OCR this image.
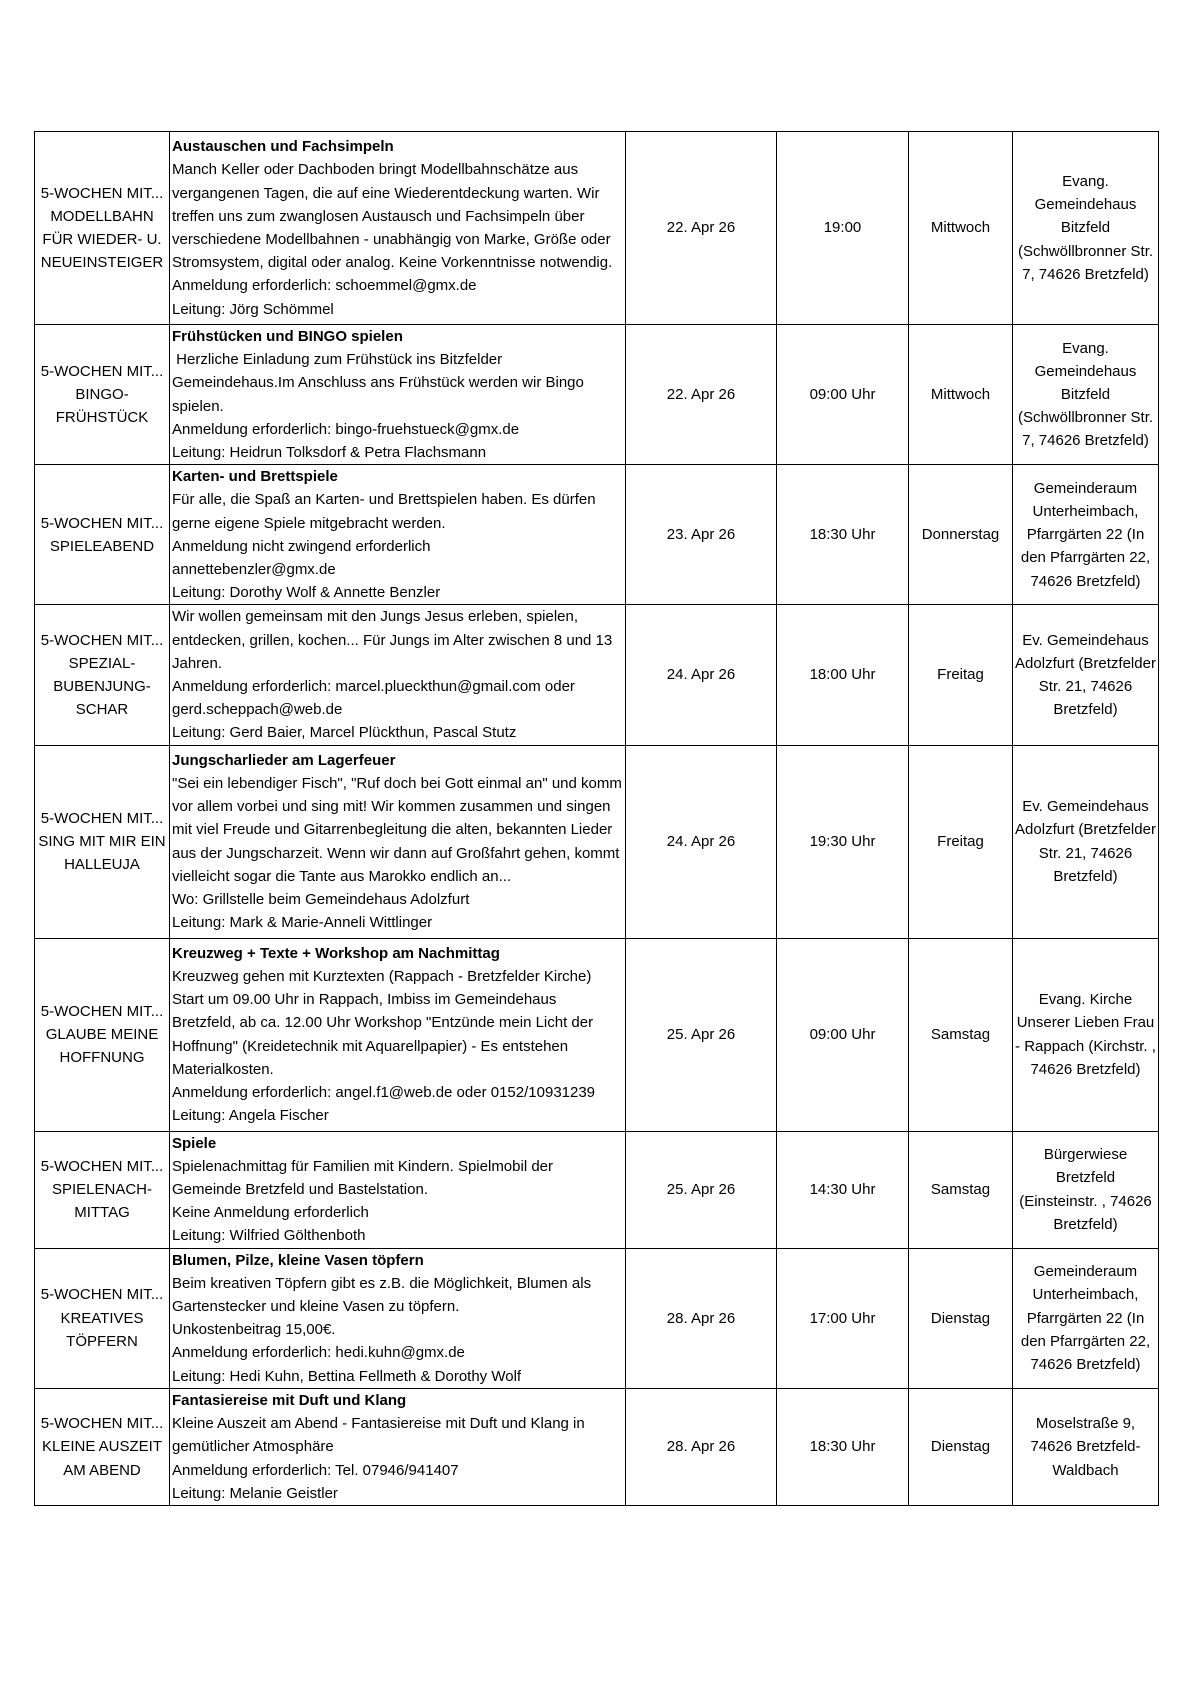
5-WOCHEN MIT... MODELLBAHN FÜR WIEDER- U. NEUEINSTEIGER	Austauschen und Fachsimpeln
Manch Keller oder Dachboden bringt Modellbahnschätze aus vergangenen Tagen, die auf eine Wiederentdeckung warten. Wir treffen uns zum zwanglosen Austausch und Fachsimpeln über verschiedene Modellbahnen - unabhängig von Marke, Größe oder Stromsystem, digital oder analog. Keine Vorkenntnisse notwendig.
Anmeldung erforderlich: schoemmel@gmx.de
Leitung: Jörg Schömmel	22. Apr 26	19:00	Mittwoch	Evang. Gemeindehaus Bitzfeld (Schwöllbronner Str. 7, 74626 Bretzfeld)
5-WOCHEN MIT... BINGO-FRÜHSTÜCK	Frühstücken und BINGO spielen
Herzliche Einladung zum Frühstück ins Bitzfelder Gemeindehaus.Im Anschluss ans Frühstück werden wir Bingo spielen.
Anmeldung erforderlich: bingo-fruehstueck@gmx.de
Leitung: Heidrun Tolksdorf & Petra Flachsmann	22. Apr 26	09:00 Uhr	Mittwoch	Evang. Gemeindehaus Bitzfeld (Schwöllbronner Str. 7, 74626 Bretzfeld)
5-WOCHEN MIT... SPIELEABEND	Karten- und Brettspiele
Für alle, die Spaß an Karten- und Brettspielen haben. Es dürfen gerne eigene Spiele mitgebracht werden.
Anmeldung nicht zwingend erforderlich
annettebenzler@gmx.de
Leitung: Dorothy Wolf & Annette Benzler	23. Apr 26	18:30 Uhr	Donnerstag	Gemeinderaum Unterheimbach, Pfarrgärten 22 (In den Pfarrgärten 22, 74626 Bretzfeld)
5-WOCHEN MIT... SPEZIAL-BUBENJUNG-SCHAR	Wir wollen gemeinsam mit den Jungs Jesus erleben, spielen, entdecken, grillen, kochen... Für Jungs im Alter zwischen 8 und 13 Jahren.
Anmeldung erforderlich: marcel.plueckthun@gmail.com oder gerd.scheppach@web.de
Leitung: Gerd Baier, Marcel Plückthun, Pascal Stutz	24. Apr 26	18:00 Uhr	Freitag	Ev. Gemeindehaus Adolzfurt (Bretzfelder Str. 21, 74626 Bretzfeld)
5-WOCHEN MIT... SING MIT MIR EIN HALLEUJA	Jungscharlieder am Lagerfeuer
"Sei ein lebendiger Fisch", "Ruf doch bei Gott einmal an" und komm vor allem vorbei und sing mit! Wir kommen zusammen und singen mit viel Freude und Gitarrenbegleitung die alten, bekannten Lieder aus der Jungscharzeit. Wenn wir dann auf Großfahrt gehen, kommt vielleicht sogar die Tante aus Marokko endlich an...
Wo: Grillstelle beim Gemeindehaus Adolzfurt
Leitung: Mark & Marie-Anneli Wittlinger	24. Apr 26	19:30 Uhr	Freitag	Ev. Gemeindehaus Adolzfurt (Bretzfelder Str. 21, 74626 Bretzfeld)
5-WOCHEN MIT... GLAUBE MEINE HOFFNUNG	Kreuzweg + Texte + Workshop am Nachmittag
Kreuzweg gehen mit Kurztexten (Rappach - Bretzfelder Kirche) Start um 09.00 Uhr in Rappach, Imbiss im Gemeindehaus Bretzfeld, ab ca. 12.00 Uhr Workshop "Entzünde mein Licht der Hoffnung" (Kreidetechnik mit Aquarellpapier) - Es entstehen Materialkosten.
Anmeldung erforderlich: angel.f1@web.de oder 0152/10931239
Leitung: Angela Fischer	25. Apr 26	09:00 Uhr	Samstag	Evang. Kirche Unserer Lieben Frau - Rappach (Kirchstr. , 74626 Bretzfeld)
5-WOCHEN MIT... SPIELENACH-MITTAG	Spiele
Spielenachmittag für Familien mit Kindern. Spielmobil der Gemeinde Bretzfeld und Bastelstation.
Keine Anmeldung erforderlich
Leitung: Wilfried Gölthenboth	25. Apr 26	14:30 Uhr	Samstag	Bürgerwiese Bretzfeld (Einsteinstr. , 74626 Bretzfeld)
5-WOCHEN MIT... KREATIVES TÖPFERN	Blumen, Pilze, kleine Vasen töpfern
Beim kreativen Töpfern gibt es z.B. die Möglichkeit, Blumen als Gartenstecker und kleine Vasen zu töpfern.
Unkostenbeitrag 15,00€.
Anmeldung erforderlich: hedi.kuhn@gmx.de
Leitung: Hedi Kuhn, Bettina Fellmeth & Dorothy Wolf	28. Apr 26	17:00 Uhr	Dienstag	Gemeinderaum Unterheimbach, Pfarrgärten 22 (In den Pfarrgärten 22, 74626 Bretzfeld)
5-WOCHEN MIT... KLEINE AUSZEIT AM ABEND	Fantasiereise mit Duft und Klang
Kleine Auszeit am Abend - Fantasiereise mit Duft und Klang in gemütlicher Atmosphäre
Anmeldung erforderlich: Tel. 07946/941407
Leitung: Melanie Geistler	28. Apr 26	18:30 Uhr	Dienstag	Moselstraße 9, 74626 Bretzfeld-Waldbach
